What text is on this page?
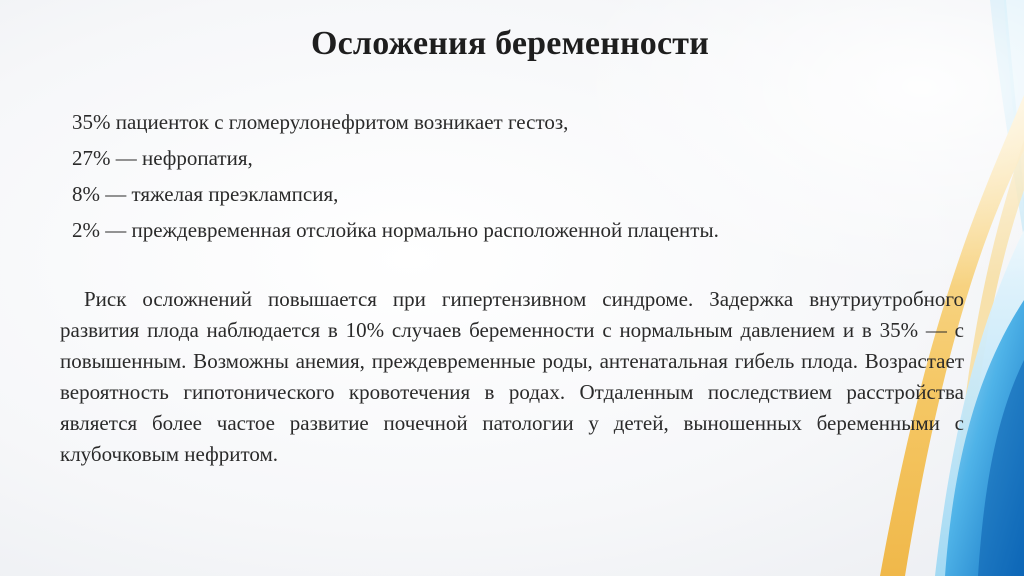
Осложения беременности
35% пациенток с гломерулонефритом возникает гестоз,
27% — нефропатия,
8% — тяжелая преэклампсия,
2% — преждевременная отслойка нормально расположенной плаценты.

Риск осложнений повышается при гипертензивном синдроме. Задержка внутриутробного развития плода наблюдается в 10% случаев беременности с нормальным давлением и в 35% — с повышенным. Возможны анемия, преждевременные роды, антенатальная гибель плода. Возрастает вероятность гипотонического кровотечения в родах. Отдаленным последствием расстройства является более частое развитие почечной патологии у детей, выношенных беременными с клубочковым нефритом.
